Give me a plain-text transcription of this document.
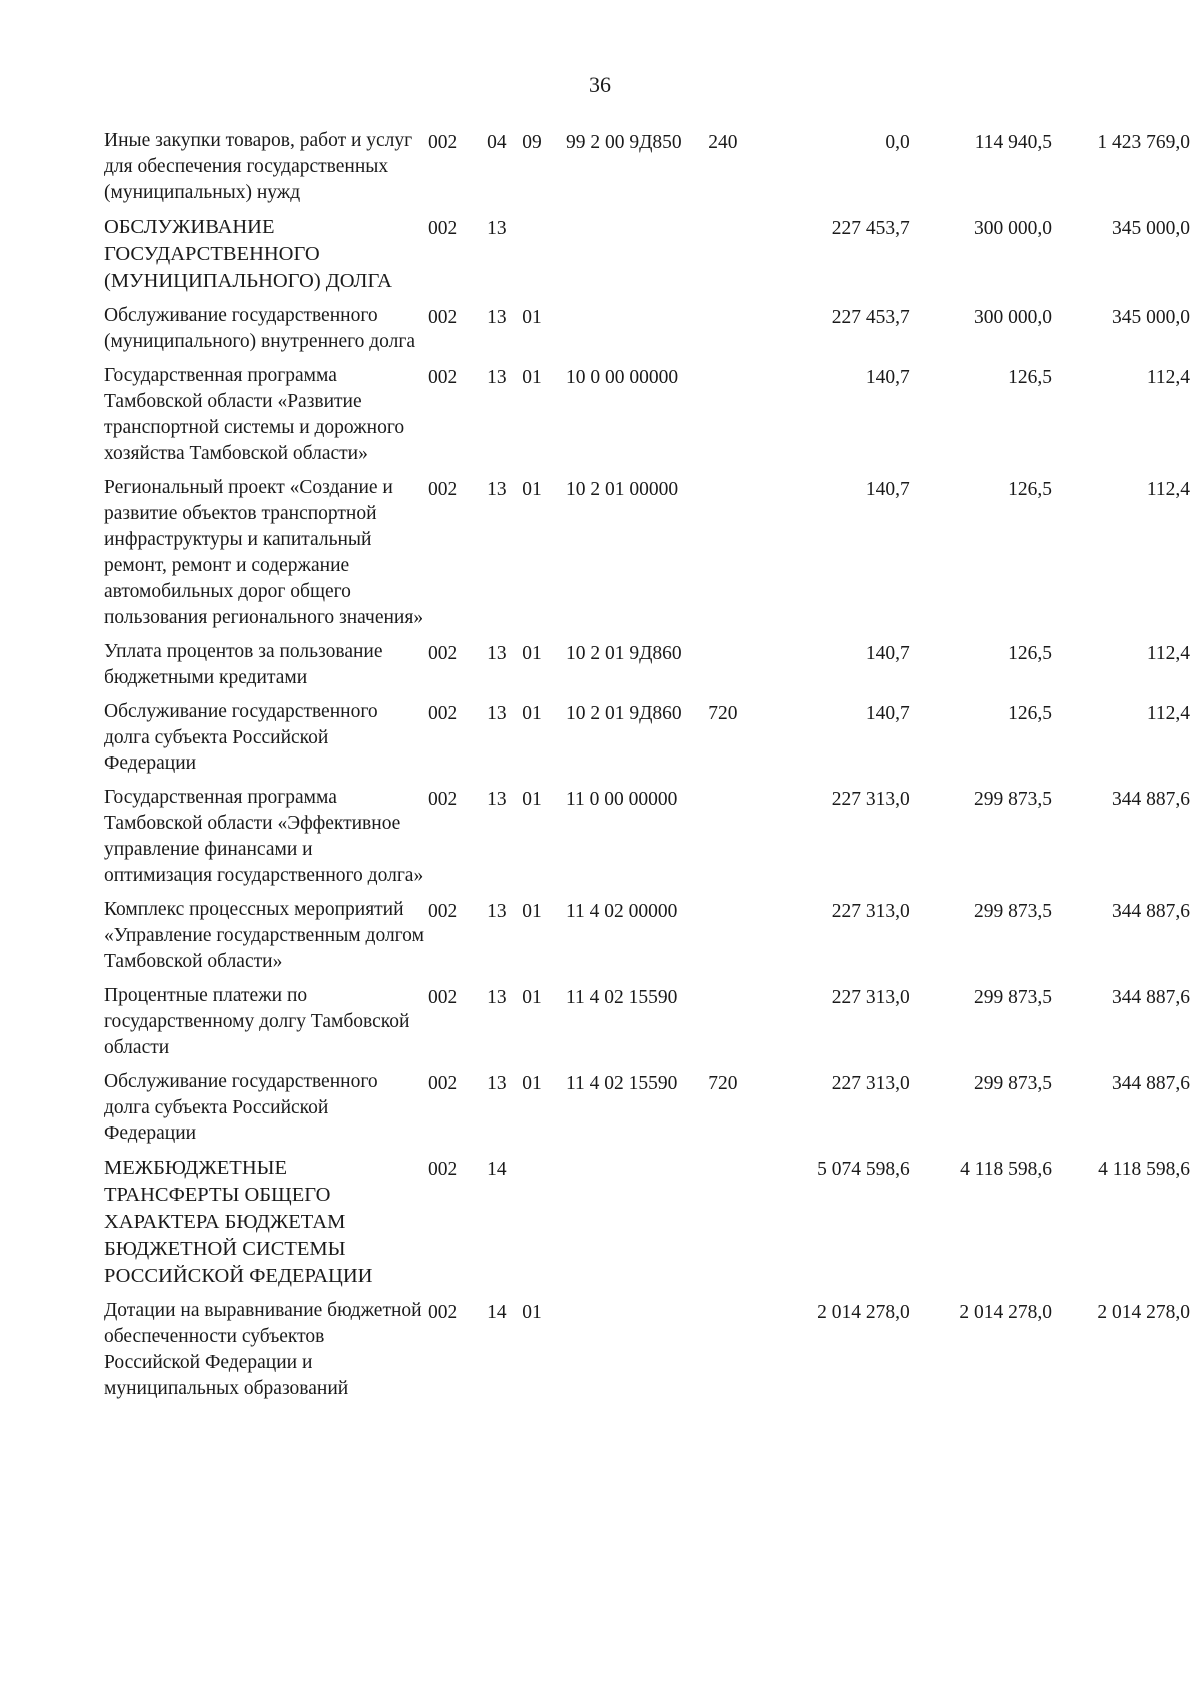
36
Иные закупки товаров, работ и услуг для обеспечения государственных (муниципальных) нужд	002	04	09	99 2 00 9Д850	240	0,0	114 940,5	1 423 769,0
ОБСЛУЖИВАНИЕ ГОСУДАРСТВЕННОГО (МУНИЦИПАЛЬНОГО) ДОЛГА	002	13				227 453,7	300 000,0	345 000,0
Обслуживание государственного (муниципального) внутреннего долга	002	13	01			227 453,7	300 000,0	345 000,0
Государственная программа Тамбовской области «Развитие транспортной системы и дорожного хозяйства Тамбовской области»	002	13	01	10 0 00 00000		140,7	126,5	112,4
Региональный проект «Создание и развитие объектов транспортной инфраструктуры и капитальный ремонт, ремонт и содержание автомобильных дорог общего пользования регионального значения»	002	13	01	10 2 01 00000		140,7	126,5	112,4
Уплата процентов за пользование бюджетными кредитами	002	13	01	10 2 01 9Д860		140,7	126,5	112,4
Обслуживание государственного долга субъекта Российской Федерации	002	13	01	10 2 01 9Д860	720	140,7	126,5	112,4
Государственная программа Тамбовской области «Эффективное управление финансами и оптимизация государственного долга»	002	13	01	11 0 00 00000		227 313,0	299 873,5	344 887,6
Комплекс процессных мероприятий «Управление государственным долгом Тамбовской области»	002	13	01	11 4 02 00000		227 313,0	299 873,5	344 887,6
Процентные платежи по государственному долгу Тамбовской области	002	13	01	11 4 02 15590		227 313,0	299 873,5	344 887,6
Обслуживание государственного долга субъекта Российской Федерации	002	13	01	11 4 02 15590	720	227 313,0	299 873,5	344 887,6
МЕЖБЮДЖЕТНЫЕ ТРАНСФЕРТЫ ОБЩЕГО ХАРАКТЕРА БЮДЖЕТАМ БЮДЖЕТНОЙ СИСТЕМЫ РОССИЙСКОЙ ФЕДЕРАЦИИ	002	14				5 074 598,6	4 118 598,6	4 118 598,6
Дотации на выравнивание бюджетной обеспеченности субъектов Российской Федерации и муниципальных образований	002	14	01			2 014 278,0	2 014 278,0	2 014 278,0
